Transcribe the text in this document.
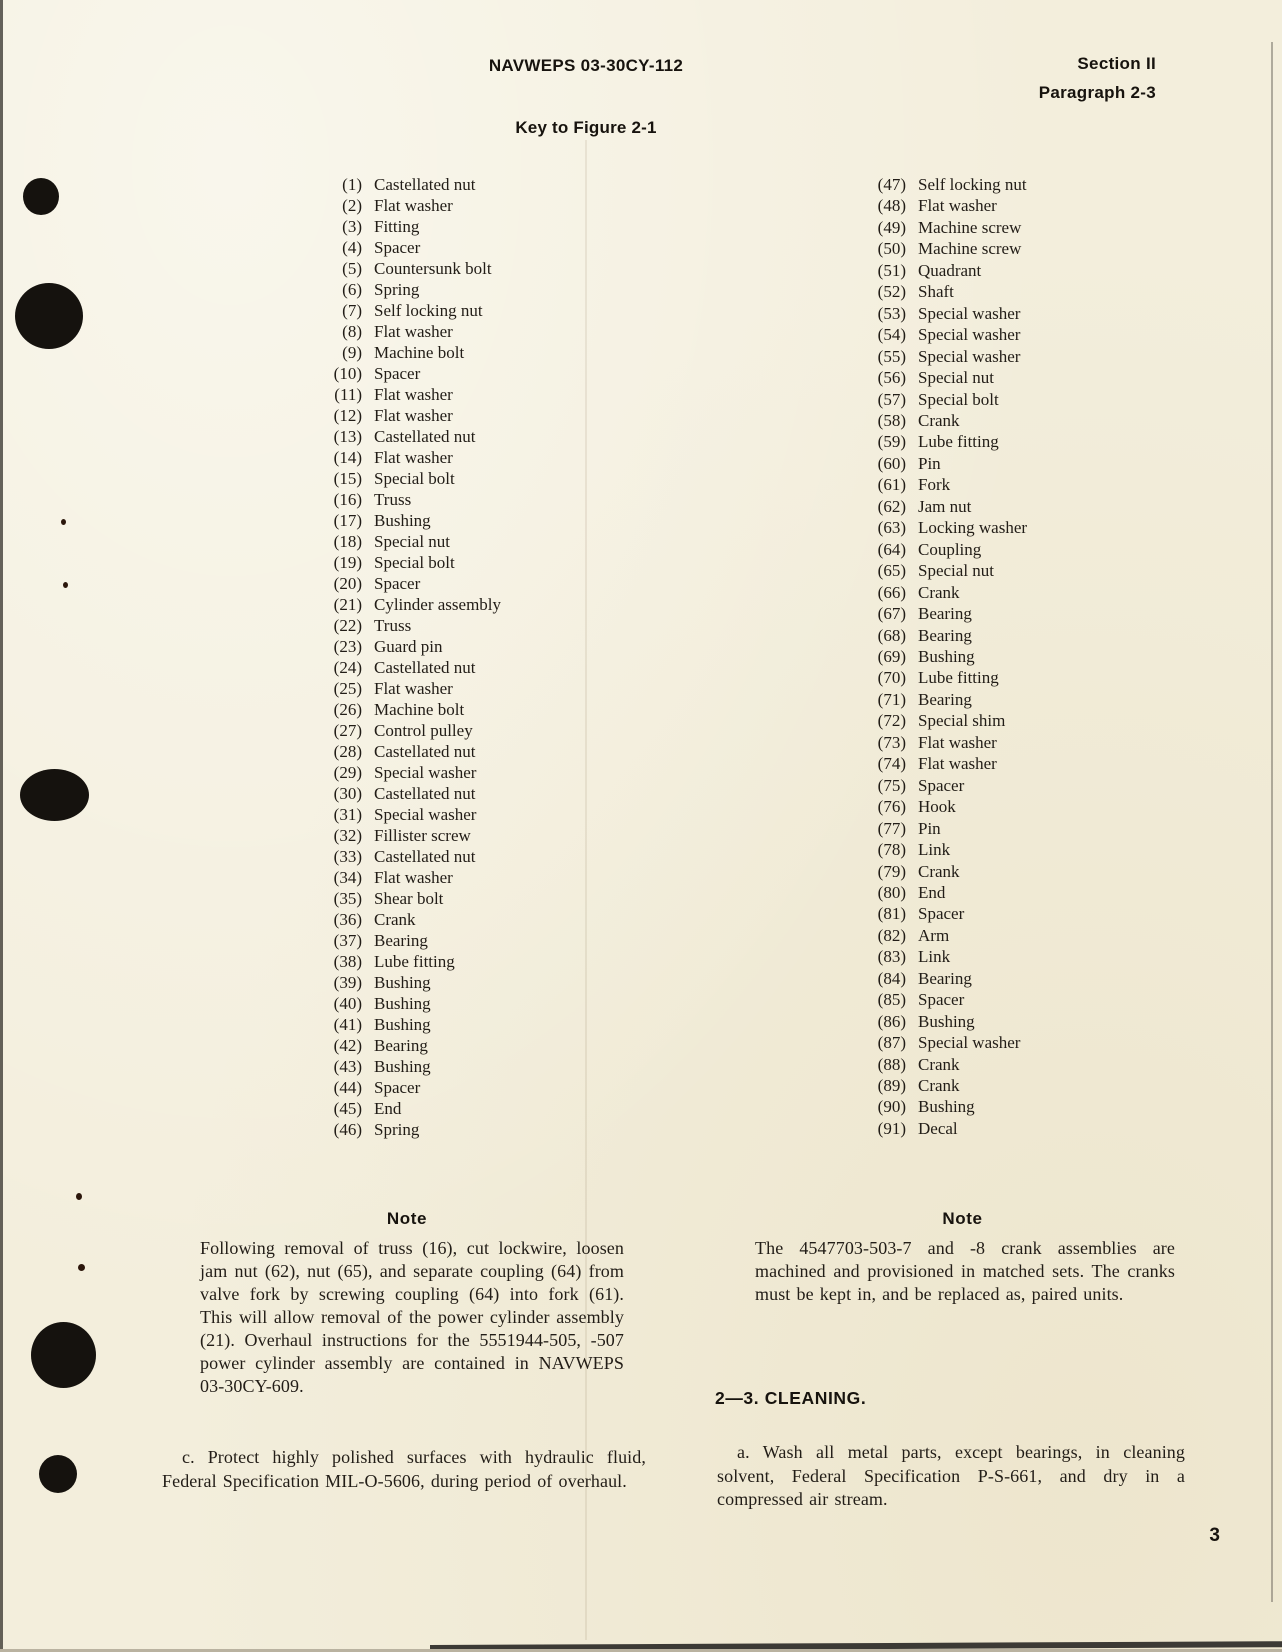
NAVWEPS 03-30CY-112	Section II
Paragraph 2-3
Key to Figure 2-1
(1) Castellated nut
(2) Flat washer
(3) Fitting
(4) Spacer
(5) Countersunk bolt
(6) Spring
(7) Self locking nut
(8) Flat washer
(9) Machine bolt
(10) Spacer
(11) Flat washer
(12) Flat washer
(13) Castellated nut
(14) Flat washer
(15) Special bolt
(16) Truss
(17) Bushing
(18) Special nut
(19) Special bolt
(20) Spacer
(21) Cylinder assembly
(22) Truss
(23) Guard pin
(24) Castellated nut
(25) Flat washer
(26) Machine bolt
(27) Control pulley
(28) Castellated nut
(29) Special washer
(30) Castellated nut
(31) Special washer
(32) Fillister screw
(33) Castellated nut
(34) Flat washer
(35) Shear bolt
(36) Crank
(37) Bearing
(38) Lube fitting
(39) Bushing
(40) Bushing
(41) Bushing
(42) Bearing
(43) Bushing
(44) Spacer
(45) End
(46) Spring
(47) Self locking nut
(48) Flat washer
(49) Machine screw
(50) Machine screw
(51) Quadrant
(52) Shaft
(53) Special washer
(54) Special washer
(55) Special washer
(56) Special nut
(57) Special bolt
(58) Crank
(59) Lube fitting
(60) Pin
(61) Fork
(62) Jam nut
(63) Locking washer
(64) Coupling
(65) Special nut
(66) Crank
(67) Bearing
(68) Bearing
(69) Bushing
(70) Lube fitting
(71) Bearing
(72) Special shim
(73) Flat washer
(74) Flat washer
(75) Spacer
(76) Hook
(77) Pin
(78) Link
(79) Crank
(80) End
(81) Spacer
(82) Arm
(83) Link
(84) Bearing
(85) Spacer
(86) Bushing
(87) Special washer
(88) Crank
(89) Crank
(90) Bushing
(91) Decal
Note
Following removal of truss (16), cut lockwire, loosen jam nut (62), nut (65), and separate coupling (64) from valve fork by screwing coupling (64) into fork (61). This will allow removal of the power cylinder assembly (21). Overhaul instructions for the 5551944-505, -507 power cylinder assembly are contained in NAVWEPS 03-30CY-609.
Note
The 4547703-503-7 and -8 crank assemblies are machined and provisioned in matched sets. The cranks must be kept in, and be replaced as, paired units.
c. Protect highly polished surfaces with hydraulic fluid, Federal Specification MIL-O-5606, during period of overhaul.
2—3. CLEANING.
a. Wash all metal parts, except bearings, in cleaning solvent, Federal Specification P-S-661, and dry in a compressed air stream.
3
